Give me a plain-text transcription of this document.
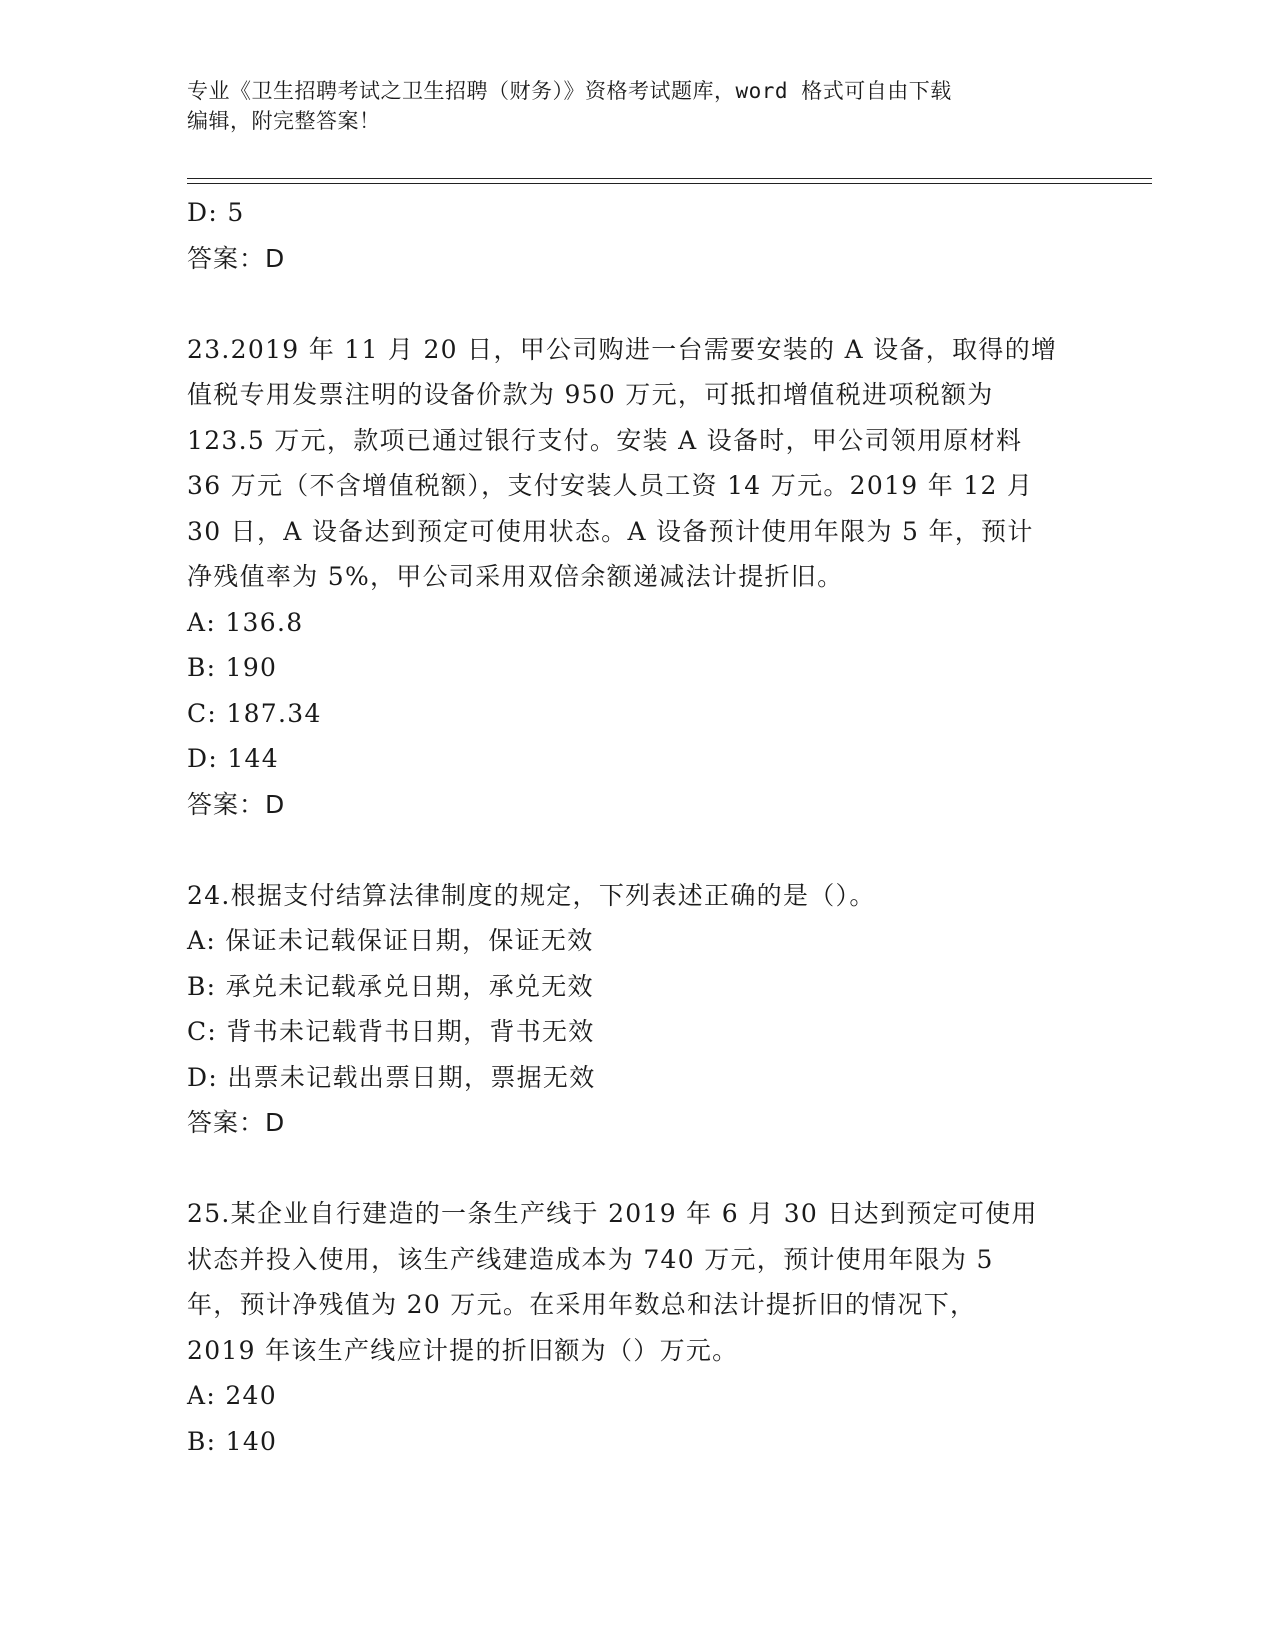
专业《卫生招聘考试之卫生招聘（财务）》资格考试题库，word 格式可自由下载
编辑，附完整答案！
D: 5
答案：D
23.2019 年 11 月 20 日，甲公司购进一台需要安装的 A 设备，取得的增
值税专用发票注明的设备价款为 950 万元，可抵扣增值税进项税额为
123.5 万元，款项已通过银行支付。安装 A 设备时，甲公司领用原材料
36 万元（不含增值税额），支付安装人员工资 14 万元。2019 年 12 月
30 日，A 设备达到预定可使用状态。A 设备预计使用年限为 5 年，预计
净残值率为 5%，甲公司采用双倍余额递减法计提折旧。
A: 136.8
B: 190
C: 187.34
D: 144
答案：D
24.根据支付结算法律制度的规定，下列表述正确的是（）。
A: 保证未记载保证日期，保证无效
B: 承兑未记载承兑日期，承兑无效
C: 背书未记载背书日期，背书无效
D: 出票未记载出票日期，票据无效
答案：D
25.某企业自行建造的一条生产线于 2019 年 6 月 30 日达到预定可使用
状态并投入使用，该生产线建造成本为 740 万元，预计使用年限为 5
年，预计净残值为 20 万元。在采用年数总和法计提折旧的情况下，
2019 年该生产线应计提的折旧额为（）万元。
A: 240
B: 140
